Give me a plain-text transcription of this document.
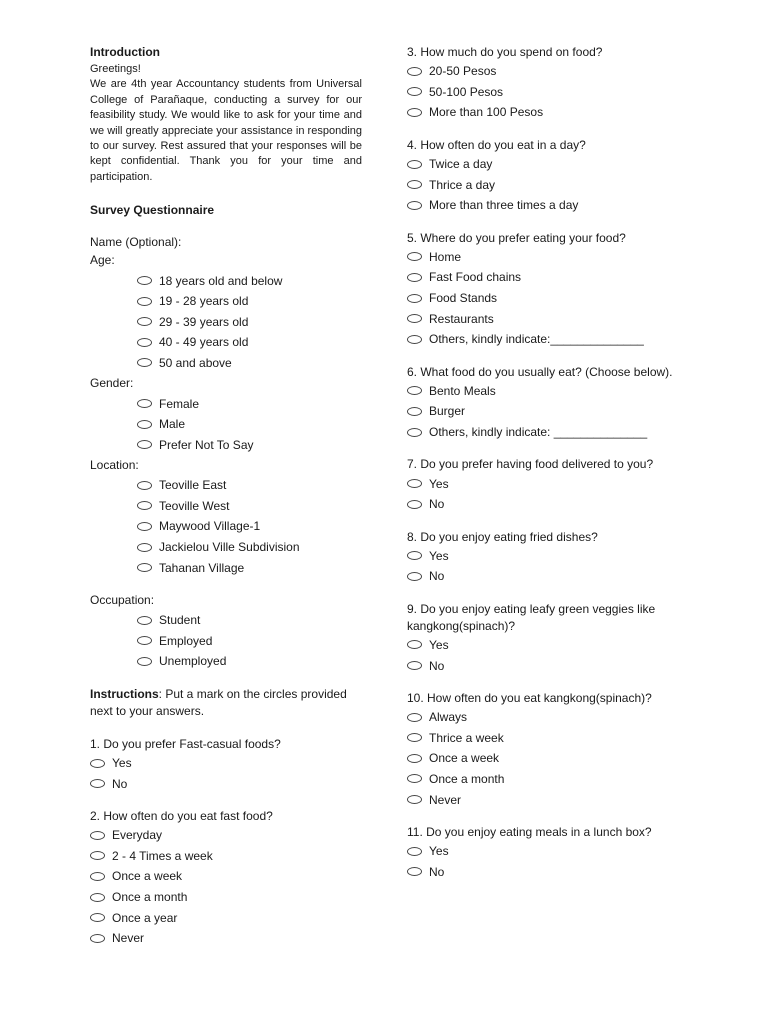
Introduction
Greetings!

We are 4th year Accountancy students from Universal College of Parañaque, conducting a survey for our feasibility study. We would like to ask for your time and we will greatly appreciate your assistance in responding to our survey. Rest assured that your responses will be kept confidential. Thank you for your time and participation.

Survey Questionnaire
Name (Optional):
Age:
18 years old and below
19 - 28 years old
29 - 39 years old
40 - 49 years old
50 and above
Gender:
Female
Male
Prefer Not To Say
Location:
Teoville East
Teoville West
Maywood Village-1
Jackielou Ville Subdivision
Tahanan Village
Occupation:
Student
Employed
Unemployed
Instructions: Put a mark on the circles provided next to your answers.
1. Do you prefer Fast-casual foods?
Yes
No
2. How often do you eat fast food?
Everyday
2 - 4 Times a week
Once a week
Once a month
Once a year
Never
3. How much do you spend on food?
20-50 Pesos
50-100 Pesos
More than 100 Pesos
4. How often do you eat in a day?
Twice a day
Thrice a day
More than three times a day
5. Where do you prefer eating your food?
Home
Fast Food chains
Food Stands
Restaurants
Others, kindly indicate:______________
6. What food do you usually eat? (Choose below).
Bento Meals
Burger
Others, kindly indicate: ______________
7. Do you prefer having food delivered to you?
Yes
No
8. Do you enjoy eating fried dishes?
Yes
No
9. Do you enjoy eating leafy green veggies like kangkong(spinach)?
Yes
No
10. How often do you eat kangkong(spinach)?
Always
Thrice a week
Once a week
Once a month
Never
11. Do you enjoy eating meals in a lunch box?
Yes
No
